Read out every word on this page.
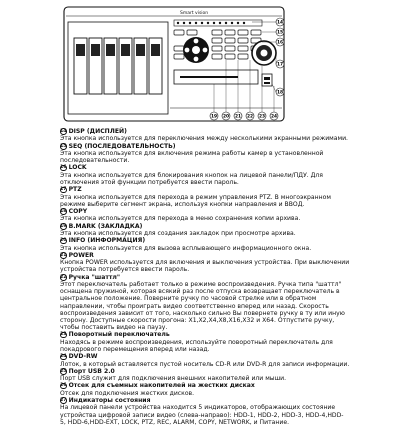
Smart vision
14
15
16
17
18
19 20 21 22 23 24
14 DISP (ДИСПЛЕЙ)
Эта кнопка используется для переключения между несколькими экранными режимами.
15 SEQ (ПОСЛЕДОВАТЕЛЬНОСТЬ)
Эта кнопка используется для включения режима работы камер в установленной
последовательности.
16 LOCK
Эта кнопка используется для блокирования кнопок на лицевой панели/ПДУ. Для
отключения этой функции потребуется ввести пароль.
17 PTZ
Эта кнопка используется для перехода в режим управления PTZ. В многоэкранном
режиме выберите сегмент экрана, используя кнопки направления и ВВОД.
18 COPY
Эта кнопка используется для перехода в меню сохранения копии архива.
19 B.MARK (ЗАКЛАДКА)
Эта кнопка используется для создания закладок при просмотре архива.
20 INFO (ИНФОРМАЦИЯ)
Эта кнопка используется для вызова всплывающего информационного окна.
21 POWER
Кнопка POWER используется для включения и выключения устройства. При выключении
устройства потребуется ввести пароль.
22 Ручка "шаттл"
Этот переключатель работает только в режиме воспроизведения. Ручка типа "шаттл"
оснащена пружиной, которая всякий раз после отпуска возвращает переключатель в
центральное положение. Поверните ручку по часовой стрелке или в обратном
направлении, чтобы проиграть видео соответственно вперед или назад. Скорость
воспроизведения зависит от того, насколько сильно Вы повернете ручку в ту или иную
сторону. Доступные скорости прогона: X1,X2,X4,X8,X16,X32 и X64. Отпустите ручку,
чтобы поставить видео на паузу.
23 Поворотный переключатель
Находясь в режиме воспроизведения, используйте поворотный переключатель для
покадрового перемещения вперед или назад.
24 DVD-RW
Лоток, в который вставляется пустой носитель CD-R или DVD-R для записи информации.
25 Порт USB 2.0
Порт USB служит для подключения внешних накопителей или мыши.
26 Отсек для съемных накопителей на жестких дисках
Отсек для подключения жестких дисков.
27 Индикаторы состояния
На лицевой панели устройства находится 5 индикаторов, отображающих состояние
устройства цифровой записи видео (слева-направо): HDD-1, HDD-2, HDD-3, HDD-4,HDD-
5, HDD-6,HDD-EXT, LOCK, PTZ, REC, ALARM, COPY, NETWORK, и Питание.
